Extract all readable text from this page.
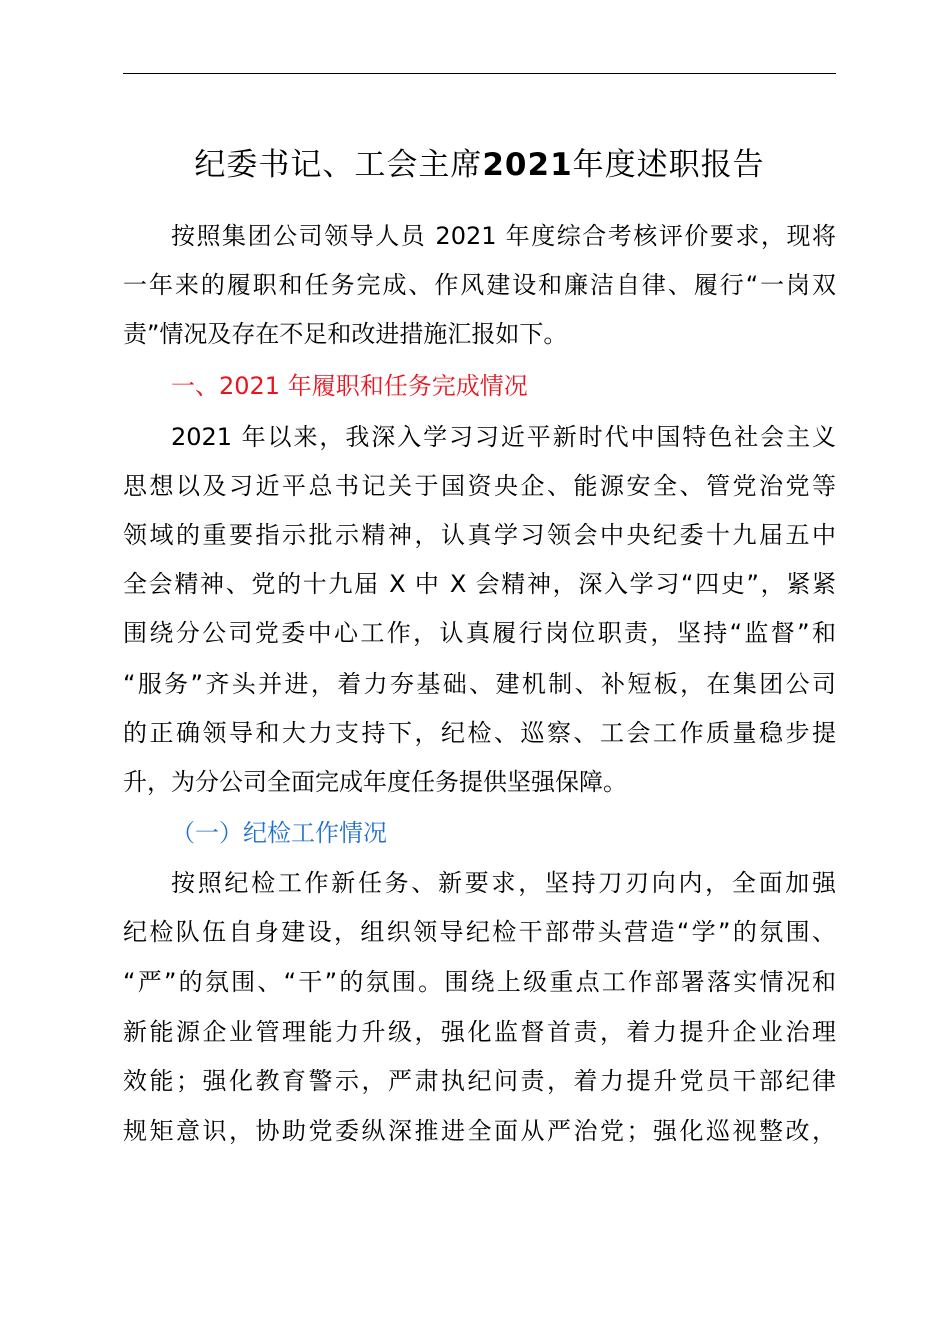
纪委书记、工会主席2021年度述职报告
按照集团公司领导人员 2021 年度综合考核评价要求，现将
一年来的履职和任务完成、作风建设和廉洁自律、履行“一岗双
责”情况及存在不足和改进措施汇报如下。
一、2021 年履职和任务完成情况
2021 年以来，我深入学习习近平新时代中国特色社会主义
思想以及习近平总书记关于国资央企、能源安全、管党治党等
领域的重要指示批示精神，认真学习领会中央纪委十九届五中
全会精神、党的十九届 X 中 X 会精神，深入学习“四史”，紧紧
围绕分公司党委中心工作，认真履行岗位职责，坚持“监督”和
“服务”齐头并进，着力夯基础、建机制、补短板，在集团公司
的正确领导和大力支持下，纪检、巡察、工会工作质量稳步提
升，为分公司全面完成年度任务提供坚强保障。
（一）纪检工作情况
按照纪检工作新任务、新要求，坚持刀刃向内，全面加强
纪检队伍自身建设，组织领导纪检干部带头营造“学”的氛围、
“严”的氛围、“干”的氛围。围绕上级重点工作部署落实情况和
新能源企业管理能力升级，强化监督首责，着力提升企业治理
效能；强化教育警示，严肃执纪问责，着力提升党员干部纪律
规矩意识，协助党委纵深推进全面从严治党；强化巡视整改，
